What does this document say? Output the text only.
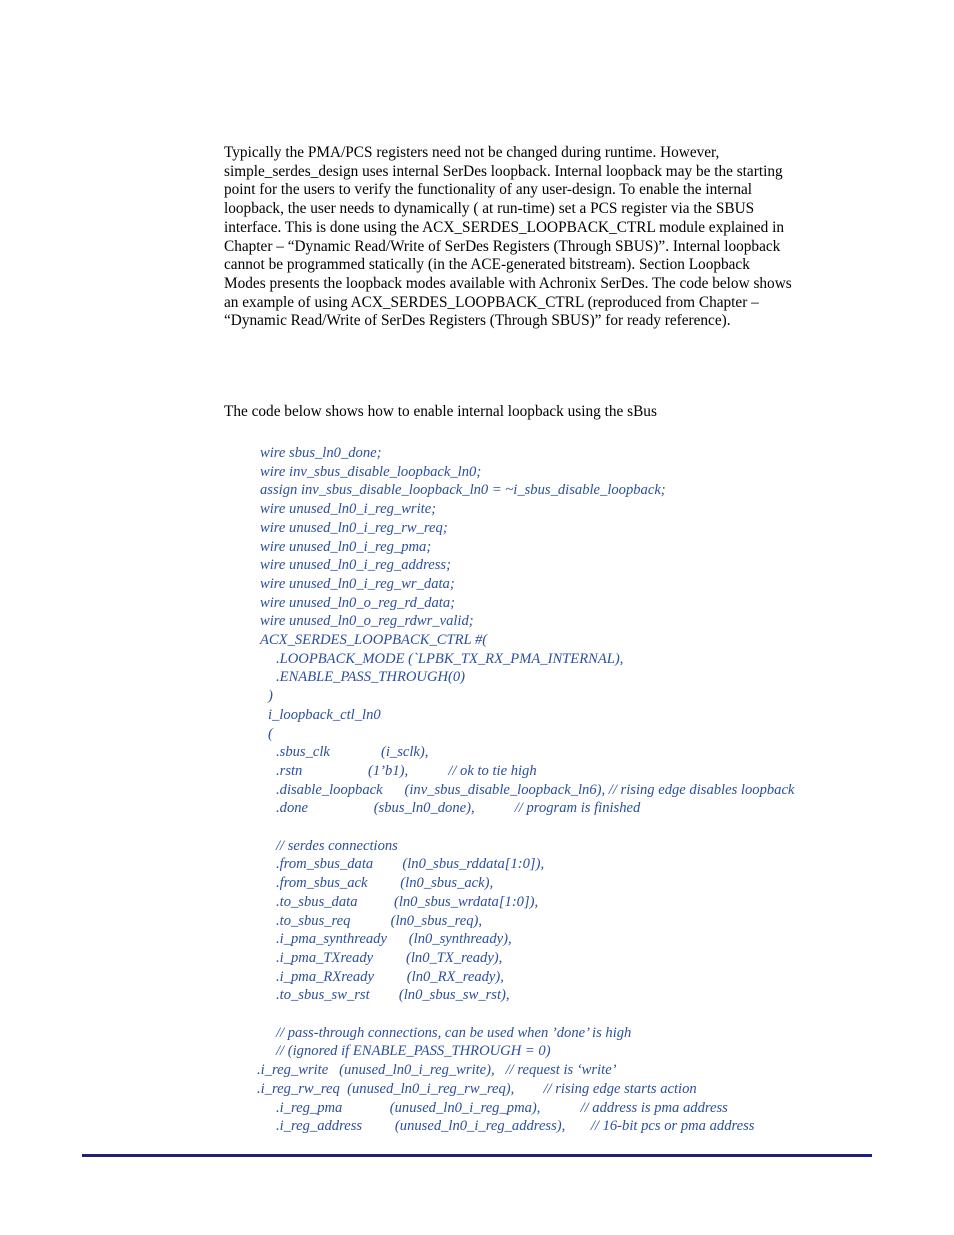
Typically the PMA/PCS registers need not be changed during runtime. However,
simple_serdes_design uses internal SerDes loopback. Internal loopback may be the starting
point for the users to verify the functionality of any user-design. To enable the internal
loopback, the user needs to dynamically ( at run-time) set a PCS register via the SBUS
interface. This is done using the ACX_SERDES_LOOPBACK_CTRL module explained in
Chapter – “Dynamic Read/Write of SerDes Registers (Through SBUS)”. Internal loopback
cannot be programmed statically (in the ACE-generated bitstream). Section Loopback
Modes presents the loopback modes available with Achronix SerDes. The code below shows
an example of using ACX_SERDES_LOOPBACK_CTRL (reproduced from Chapter –
“Dynamic Read/Write of SerDes Registers (Through SBUS)” for ready reference).

The code below shows how to enable internal loopback using the sBus

wire sbus_ln0_done;
wire inv_sbus_disable_loopback_ln0;
assign inv_sbus_disable_loopback_ln0 = ~i_sbus_disable_loopback;
wire unused_ln0_i_reg_write;
wire unused_ln0_i_reg_rw_req;
wire unused_ln0_i_reg_pma;
wire unused_ln0_i_reg_address;
wire unused_ln0_i_reg_wr_data;
wire unused_ln0_o_reg_rd_data;
wire unused_ln0_o_reg_rdwr_valid;
ACX_SERDES_LOOPBACK_CTRL #(
.LOOPBACK_MODE (`LPBK_TX_RX_PMA_INTERNAL),
.ENABLE_PASS_THROUGH(0)
)
i_loopback_ctl_ln0
(
.sbus_clk              (i_sclk),
.rstn                  (1’b1),           // ok to tie high
.disable_loopback      (inv_sbus_disable_loopback_ln6), // rising edge disables loopback
.done                  (sbus_ln0_done),           // program is finished
// serdes connections
.from_sbus_data        (ln0_sbus_rddata[1:0]),
.from_sbus_ack         (ln0_sbus_ack),
.to_sbus_data          (ln0_sbus_wrdata[1:0]),
.to_sbus_req           (ln0_sbus_req),
.i_pma_synthready      (ln0_synthready),
.i_pma_TXready         (ln0_TX_ready),
.i_pma_RXready         (ln0_RX_ready),
.to_sbus_sw_rst        (ln0_sbus_sw_rst),
// pass-through connections, can be used when ’done’ is high
// (ignored if ENABLE_PASS_THROUGH = 0)
.i_reg_write   (unused_ln0_i_reg_write),   // request is ‘write’
.i_reg_rw_req  (unused_ln0_i_reg_rw_req),        // rising edge starts action
.i_reg_pma             (unused_ln0_i_reg_pma),           // address is pma address
.i_reg_address         (unused_ln0_i_reg_address),       // 16-bit pcs or pma address
